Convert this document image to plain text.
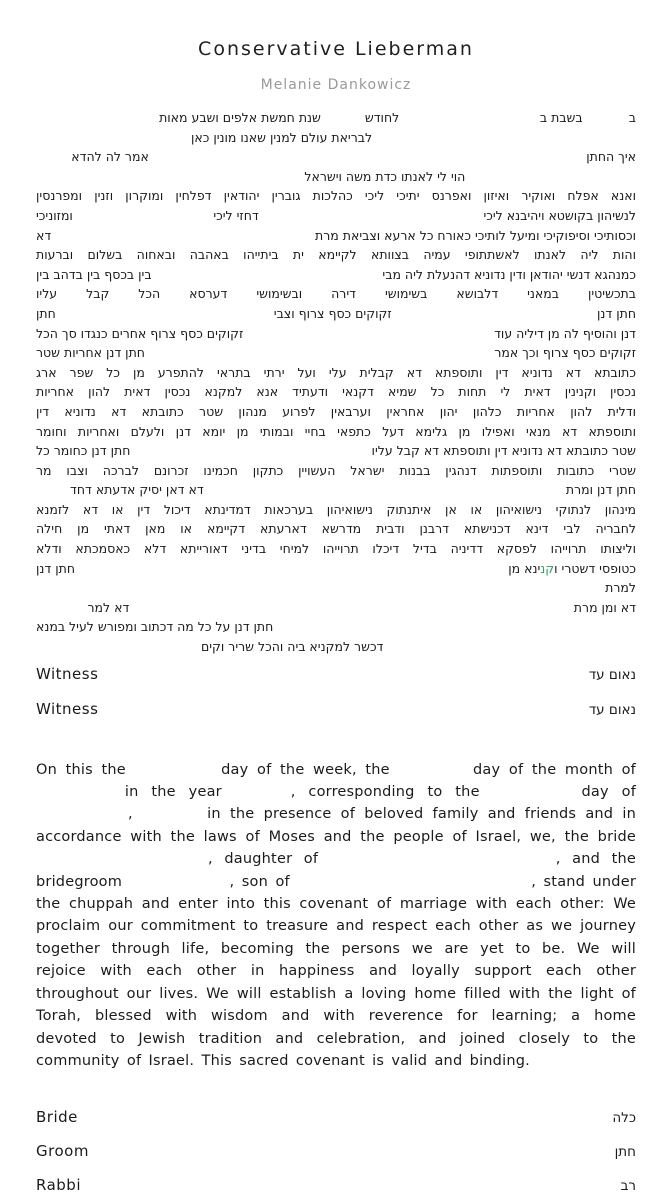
Conservative Lieberman
Melanie Dankowicz
ב
בשבת ב
לחודש
שנת חמשת אלפים ושבע מאות
לבריאת עולם למנין שאנו מונין כאן
איך החתן
אמר לה להדא
הוי לי לאנתו כדת משה וישראל
ואנא אפלח ואוקיר ואיזון ואפרנס יתיכי ליכי כהלכות גוברין יהודאין דפלחין ומוקרון וזנין ומפרנסין
לנשיהון בקושטא ויהיבנא ליכי
דחזי ליכי
ומזוניכי
וכסותיכי וסיפוקיכי ומיעל לותיכי כאורח כל ארעא וצביאת מרת
דא
והות ליה לאנתו לאשתתופי עמיה בצוותא לקיימא ית ביתייהו באהבה ובאחוה בשלום וברעות
כמנהגא דנשי יהודאן ודין נדוניא דהנעלת ליה מבי
בין בכסף בין בדהב בין
בתכשיטין במאני דלבושא בשימושי דירה ובשימושי דערסא הכל קבל עליו
חתן דנן
זקוקים כסף צרוף וצבי
חתן
דנן והוסיף לה מן דיליה עוד
זקוקים כסף צרוף אחרים כנגדו סך הכל
זקוקים כסף צרוף וכך אמר
חתן דנן אחריות שטר
כתובתא דא נדוניא דין ותוספתא דא קבלית עלי ועל ירתי בתראי להתפרע מן כל שפר ארג
נכסין וקנינין דאית לי תחות כל שמיא דקנאי ודעתיד אנא למקנא נכסין דאית להון אחריות
ודלית להון אחריות כלהון יהון אחראין וערבאין לפרוע מנהון שטר כתובתא דא נדוניא דין
ותוספתא דא מנאי ואפילו מן גלימא דעל כתפאי בחיי ובמותי מן יומא דנן ולעלם ואחריות וחומר
שטר כתובתא דא נדוניא דין ותוספתא דא קבל עליו
חתן דנן כחומר כל
שטרי כתובות ותוספתות דנהגין בבנות ישראל העשויין כתקון חכמינו זכרונם לברכה וצבו מר
חתן דנן ומרת
דא דאן יסיק אדעתא דחד
מינהון לנתוקי נישואיהון או אן איתנתוק נישואיהון בערכאות דמדינתא דיכול דין או דא לזמנא
לחבריה לבי דינא דכנישתא דרבנן ודבית מדרשא דארעתא דקיימא או מאן דאתי מן חילה
וליצותו תרוייהו לפסקא דדיניה בדיל דיכלו תרוייהו למיחי בדיני דאורייתא דלא כאסמכתא ודלא
כטופסי דשטרי ו
קנ
ינא מן
חתן דנן
למרת
דא ומן מרת
דא למר
חתן דנן על כל מה דכתוב ומפורש לעיל במנא
דכשר למקניא ביה והכל שריר וקים
Witness	נאום עד
Witness	נאום עד
On this the	day of the week, the	day of the month of  in the year	, corresponding to the	day of ,	in the presence of beloved family and friends and in accordance with the laws of Moses and the people of Israel, we, the bride , daughter of	, and the bridegroom	, son of	, stand under the chuppah and enter into this covenant of marriage with each other: We proclaim our commitment to treasure and respect each other as we journey together through life, becoming the persons we are yet to be. We will rejoice with each other in happiness and loyally support each other throughout our lives. We will establish a loving home filled with the light of Torah, blessed with wisdom and with reverence for learning; a home devoted to Jewish tradition and celebration, and joined closely to the community of Israel. This sacred covenant is valid and binding.
Bride	כלה
Groom	חתן
Rabbi	רב
